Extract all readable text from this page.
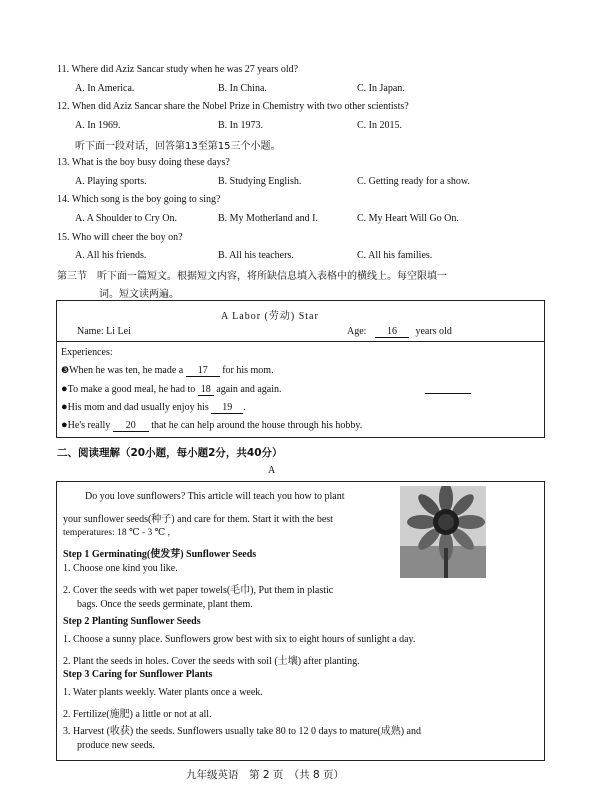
11. Where did Aziz Sancar study when he was 27 years old?
A. In America.	B. In China.	C. In Japan.
12. When did Aziz Sancar share the Nobel Prize in Chemistry with two other scientists?
A. In 1969.	B. In 1973.	C. In 2015.
听下面一段对话，回答第13至第15三个小题。
13. What is the boy busy doing these days?
A. Playing sports.	B. Studying English.	C. Getting ready for a show.
14. Which song is the boy going to sing?
A. A Shoulder to Cry On.	B. My Motherland and I.	C. My Heart Will Go On.
15. Who will cheer the boy on?
A. All his friends.	B. All his teachers.	C. All his families.
第三节　听下面一篇短文。根据短文内容，将所缺信息填入表格中的横线上。每空限填一
词。短文读两遍。
A Labor (劳动) Star
Name: Li Lei	Age: 16 years old
Experiences:
❸When he was ten, he made a 17 for his mom.
●To make a good meal, he had to 18 again and again.
●His mom and dad usually enjoy his 19 .
●He's really 20 that he can help around the house through his hobby.
二、阅读理解（20小题，每小题2分，共40分）
A
Do you love sunflowers? This article will teach you how to plant
your sunflower seeds(种子) and care for them. Start it with the best
temperatures: 18 ℃ - 3 ℃ ,
Step 1 Germinating(使发芽) Sunflower Seeds
1. Choose one kind you like.
2. Cover the seeds with wet paper towels(毛巾), Put them in plastic
bags. Once the seeds germinate, plant them.
Step 2 Planting Sunflower Seeds
1. Choose a sunny place. Sunflowers grow best with six to eight hours of sunlight a day.
2. Plant the seeds in holes. Cover the seeds with soil (土壤) after planting.
Step 3 Caring for Sunflower Plants
1. Water plants weekly. Water plants once a week.
2. Fertilize(施肥) a little or not at all.
3. Harvest (收获) the seeds. Sunflowers usually take 80 to 12 0 days to mature(成熟) and
produce new seeds.
九年级英语　第 2 页　（共 8 页）
